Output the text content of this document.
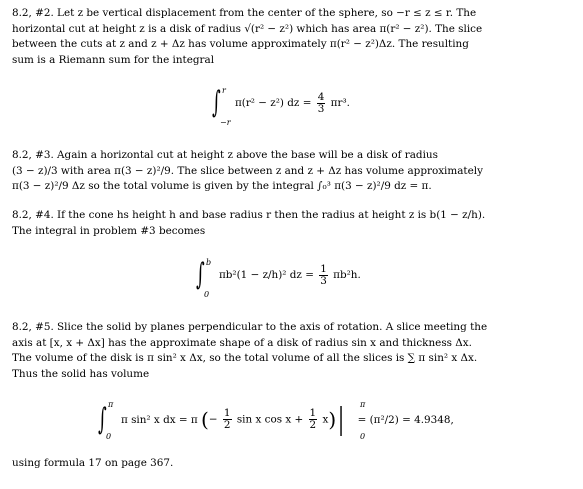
8.2, #2. Let z be vertical displacement from the center of the sphere, so −r ≤ z ≤ r. The
horizontal cut at height z is a disk of radius √(r² − z²) which has area π(r² − z²). The slice
between the cuts at z and z + Δz has volume approximately π(r² − z²)Δz. The resulting
sum is a Riemann sum for the integral
r
∫
−r
π(r² − z²) dz = $\frac{4}{3} \pi r^3$.
8.2, #3. Again a horizontal cut at height z above the base will be a disk of radius
(3 − z)/3 with area π(3 − z)²/9. The slice between z and z + Δz has volume approximately
π(3 − z)²/9 Δz so the total volume is given by the integral ∫₀³ π(3 − z)²/9 dz = π.
8.2, #4. If the cone hs height h and base radius r then the radius at height z is b(1 − z/h).
The integral in problem #3 becomes
b
∫
0
πb²(1 − z/h)² dz = $\frac{1}{3} \pi b^2h$.
8.2, #5. Slice the solid by planes perpendicular to the axis of rotation. A slice meeting the
axis at [x, x + Δx] has the approximate shape of a disk of radius sin x and thickness Δx.
The volume of the disk is π sin² x Δx, so the total volume of all the slices is ∑ π sin² x Δx.
Thus the solid has volume
π
∫ 0
π sin² x dx = π (− $\frac{1}{2}$ sin x $\cos x + \frac{1}{2} x)|$ π
0
= (π²/2) = 4.9348,
using formula 17 on page 367.
